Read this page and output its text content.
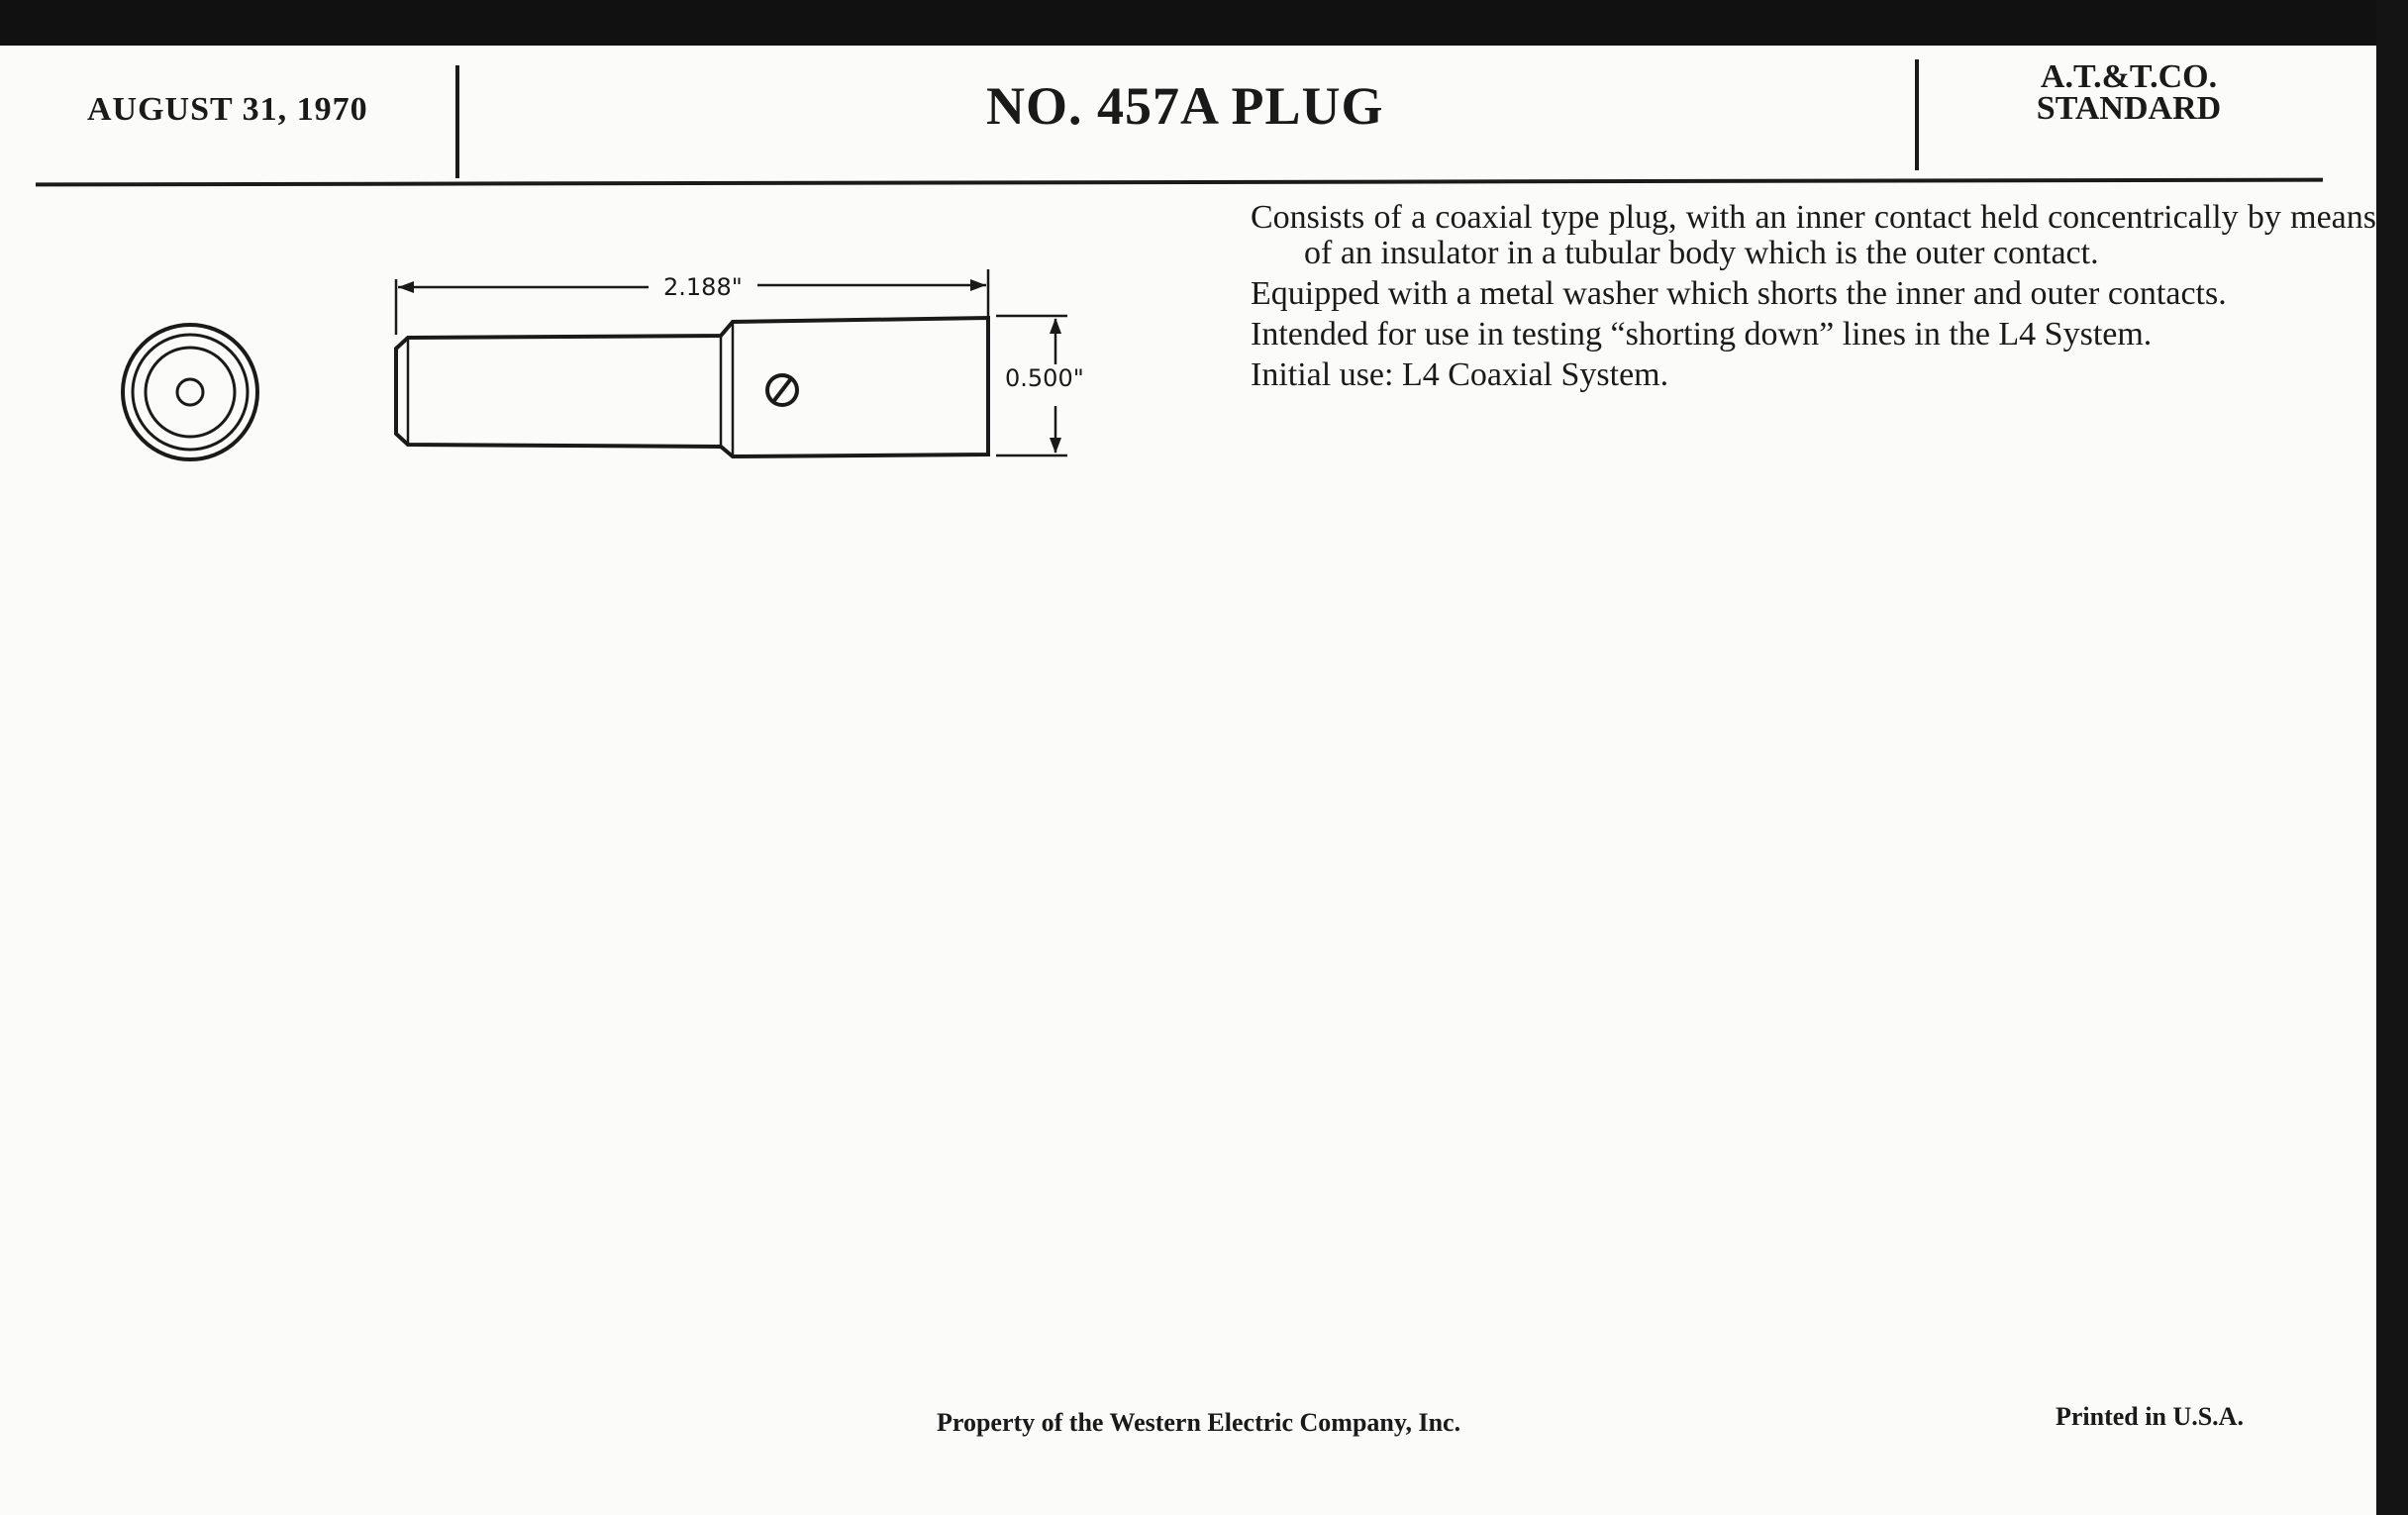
AUGUST 31, 1970	NO. 457A PLUG	A.T.&T.CO.
STANDARD
2.188"
0.500"
Consists of a coaxial type plug, with an inner contact held concentrically by means of an insulator in a tubular body which is the outer contact.
Equipped with a metal washer which shorts the inner and outer contacts.
Intended for use in testing “shorting down” lines in the L4 System.
Initial use: L4 Coaxial System.
Property of the Western Electric Company, Inc.	Printed in U.S.A.
